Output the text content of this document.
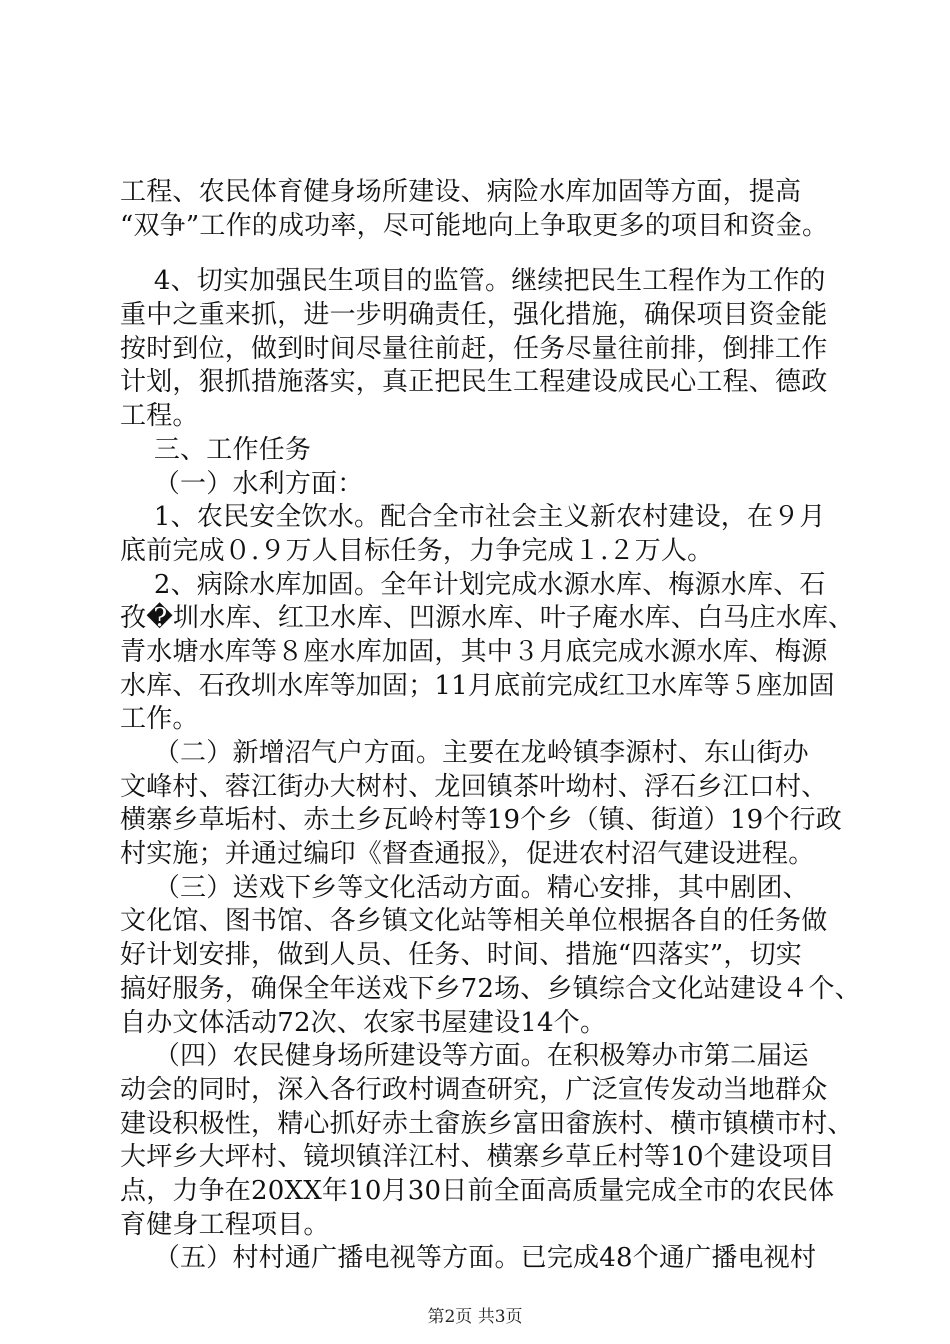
工程、农民体育健身场所建设、病险水库加固等方面，提高
“双争”工作的成功率，尽可能地向上争取更多的项目和资金。
4、切实加强民生项目的监管。继续把民生工程作为工作的
重中之重来抓，进一步明确责任，强化措施，确保项目资金能
按时到位，做到时间尽量往前赶，任务尽量往前排，倒排工作
计划，狠抓措施落实，真正把民生工程建设成民心工程、德政
工程。
三、工作任务
（一）水利方面：
1、农民安全饮水。配合全市社会主义新农村建设，在９月
底前完成０.９万人目标任务，力争完成１.２万人。
2、病除水库加固。全年计划完成水源水库、梅源水库、石
孜�圳水库、红卫水库、凹源水库、叶子庵水库、白马庄水库、
青水塘水库等８座水库加固，其中３月底完成水源水库、梅源
水库、石孜圳水库等加固；11月底前完成红卫水库等５座加固
工作。
（二）新增沼气户方面。主要在龙岭镇李源村、东山街办
文峰村、蓉江街办大树村、龙回镇茶叶坳村、浮石乡江口村、
横寨乡草垢村、赤土乡瓦岭村等19个乡（镇、街道）19个行政
村实施；并通过编印《督查通报》，促进农村沼气建设进程。
（三）送戏下乡等文化活动方面。精心安排，其中剧团、
文化馆、图书馆、各乡镇文化站等相关单位根据各自的任务做
好计划安排，做到人员、任务、时间、措施“四落实”，切实
搞好服务，确保全年送戏下乡72场、乡镇综合文化站建设４个、
自办文体活动72次、农家书屋建设14个。
（四）农民健身场所建设等方面。在积极筹办市第二届运
动会的同时，深入各行政村调查研究，广泛宣传发动当地群众
建设积极性，精心抓好赤土畲族乡富田畲族村、横市镇横市村、
大坪乡大坪村、镜坝镇洋江村、横寨乡草丘村等10个建设项目
点，力争在20XX年10月30日前全面高质量完成全市的农民体
育健身工程项目。
（五）村村通广播电视等方面。已完成48个通广播电视村
第2页 共3页
